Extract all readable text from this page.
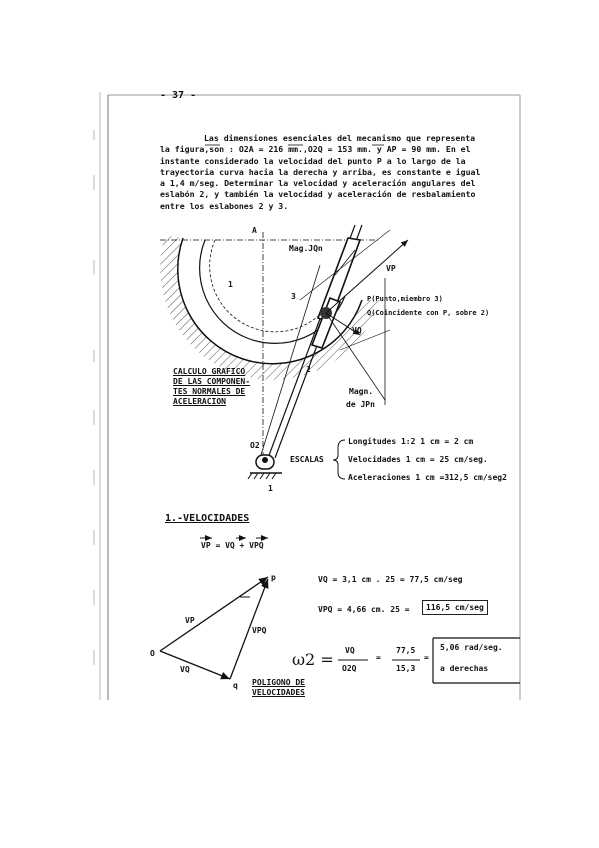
- 37 -
Las dimensiones esenciales del mecanismo que representa
la figura,son : O2A = 216 mm.,O2Q = 153 mm. y AP = 90 mm. En el
instante considerado la velocidad del punto P a lo largo de la
trayectoria curva hacia la derecha y arriba, es constante e igual
a 1,4 m/seg. Determinar la velocidad y aceleración angulares del
eslabón 2, y también la velocidad y aceleración de resbalamiento
entre los eslabones 2 y 3.
A
1
3
2
O2
1
Mag.JQn
VP
VQ
P(Punto,miembro 3)
Q(Coincidente con P, sobre 2)
Magn.
de JPn
CALCULO GRAFICO
DE LAS COMPONEN-
TES NORMALES DE
ACELERACION
ESCALAS
Longitudes 1:2 1 cm = 2 cm
Velocidades 1 cm = 25 cm/seg.
Aceleraciones 1 cm =312,5 cm/seg2
1.-VELOCIDADES
VP = VQ + VPQ
VQ = 3,1 cm . 25 = 77,5 cm/seg
VPQ = 4,66 cm. 25 =	116,5 cm/seg
ω2 = VQ
O2Q
=
77,5
15,3
=
5,06 rad/seg.
a derechas
O
p
q
VP
VQ
VPQ
POLIGONO DE
VELOCIDADES
